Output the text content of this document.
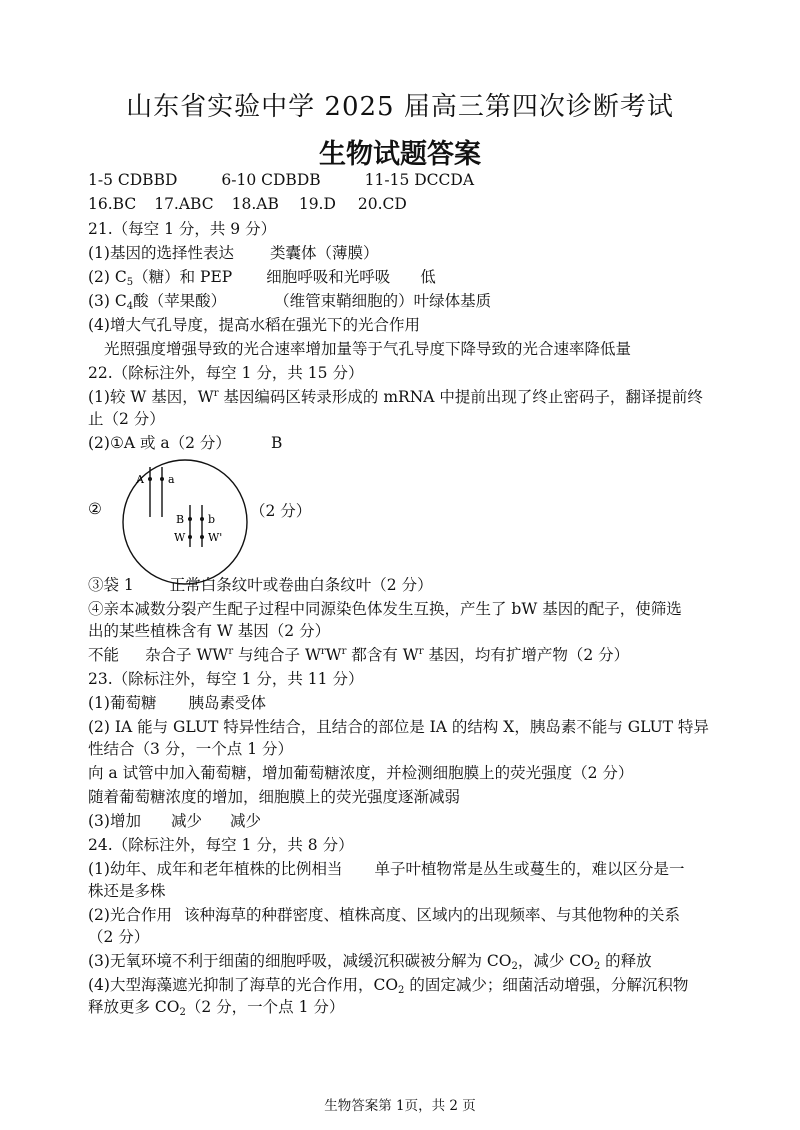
山东省实验中学 2025 届高三第四次诊断考试
生物试题答案
1-5 CDBBD	6-10 CDBDB	11-15 DCCDA
16.BC 17.ABC 18.AB 19.D 20.CD
21.（每空 1 分，共 9 分）
(1)基因的选择性表达 类囊体（薄膜）
(2) $C_5$（糖）和 PEP 细胞呼吸和光呼吸 低
(3) $C_4$酸（苹果酸）	（维管束鞘细胞的）叶绿体基质
(4)增大气孔导度，提高水稻在强光下的光合作用
光照强度增强导致的光合速率增加量等于气孔导度下降导致的光合速率降低量
22.（除标注外，每空 1 分，共 15 分）
(1)较 W 基因，$W^r$ 基因编码区转录形成的 mRNA 中提前出现了终止密码子，翻译提前终
止（2 分）
(2)①A 或 a（2 分）	B
②	（2 分）
A a
B b
W W'
③袋 1 正常白条纹叶或卷曲白条纹叶（2 分）
④亲本减数分裂产生配子过程中同源染色体发生互换，产生了 bW 基因的配子，使筛选
出的某些植株含有 W 基因（2 分）
不能 杂合子 $WW^r$ 与纯合子 $W^rW^r$ 都含有 $W^r$ 基因，均有扩增产物（2 分）
23.（除标注外，每空 1 分，共 11 分）
(1)葡萄糖 胰岛素受体
(2) IA 能与 GLUT 特异性结合，且结合的部位是 IA 的结构 X，胰岛素不能与 GLUT 特异
性结合（3 分，一个点 1 分）
向 a 试管中加入葡萄糖，增加葡萄糖浓度，并检测细胞膜上的荧光强度（2 分）
随着葡萄糖浓度的增加，细胞膜上的荧光强度逐渐减弱
(3)增加 减少 减少
24.（除标注外，每空 1 分，共 8 分）
(1)幼年、成年和老年植株的比例相当 单子叶植物常是丛生或蔓生的，难以区分是一
株还是多株
(2)光合作用 该种海草的种群密度、植株高度、区域内的出现频率、与其他物种的关系
（2 分）
(3)无氧环境不利于细菌的细胞呼吸，减缓沉积碳被分解为 $CO_2$，减少 $CO_2$ 的释放
(4)大型海藻遮光抑制了海草的光合作用，$CO_2$ 的固定减少；细菌活动增强，分解沉积物
释放更多 $CO_2(2$ 分，一个点 1 分）
生物答案第 1页，共 2 页
